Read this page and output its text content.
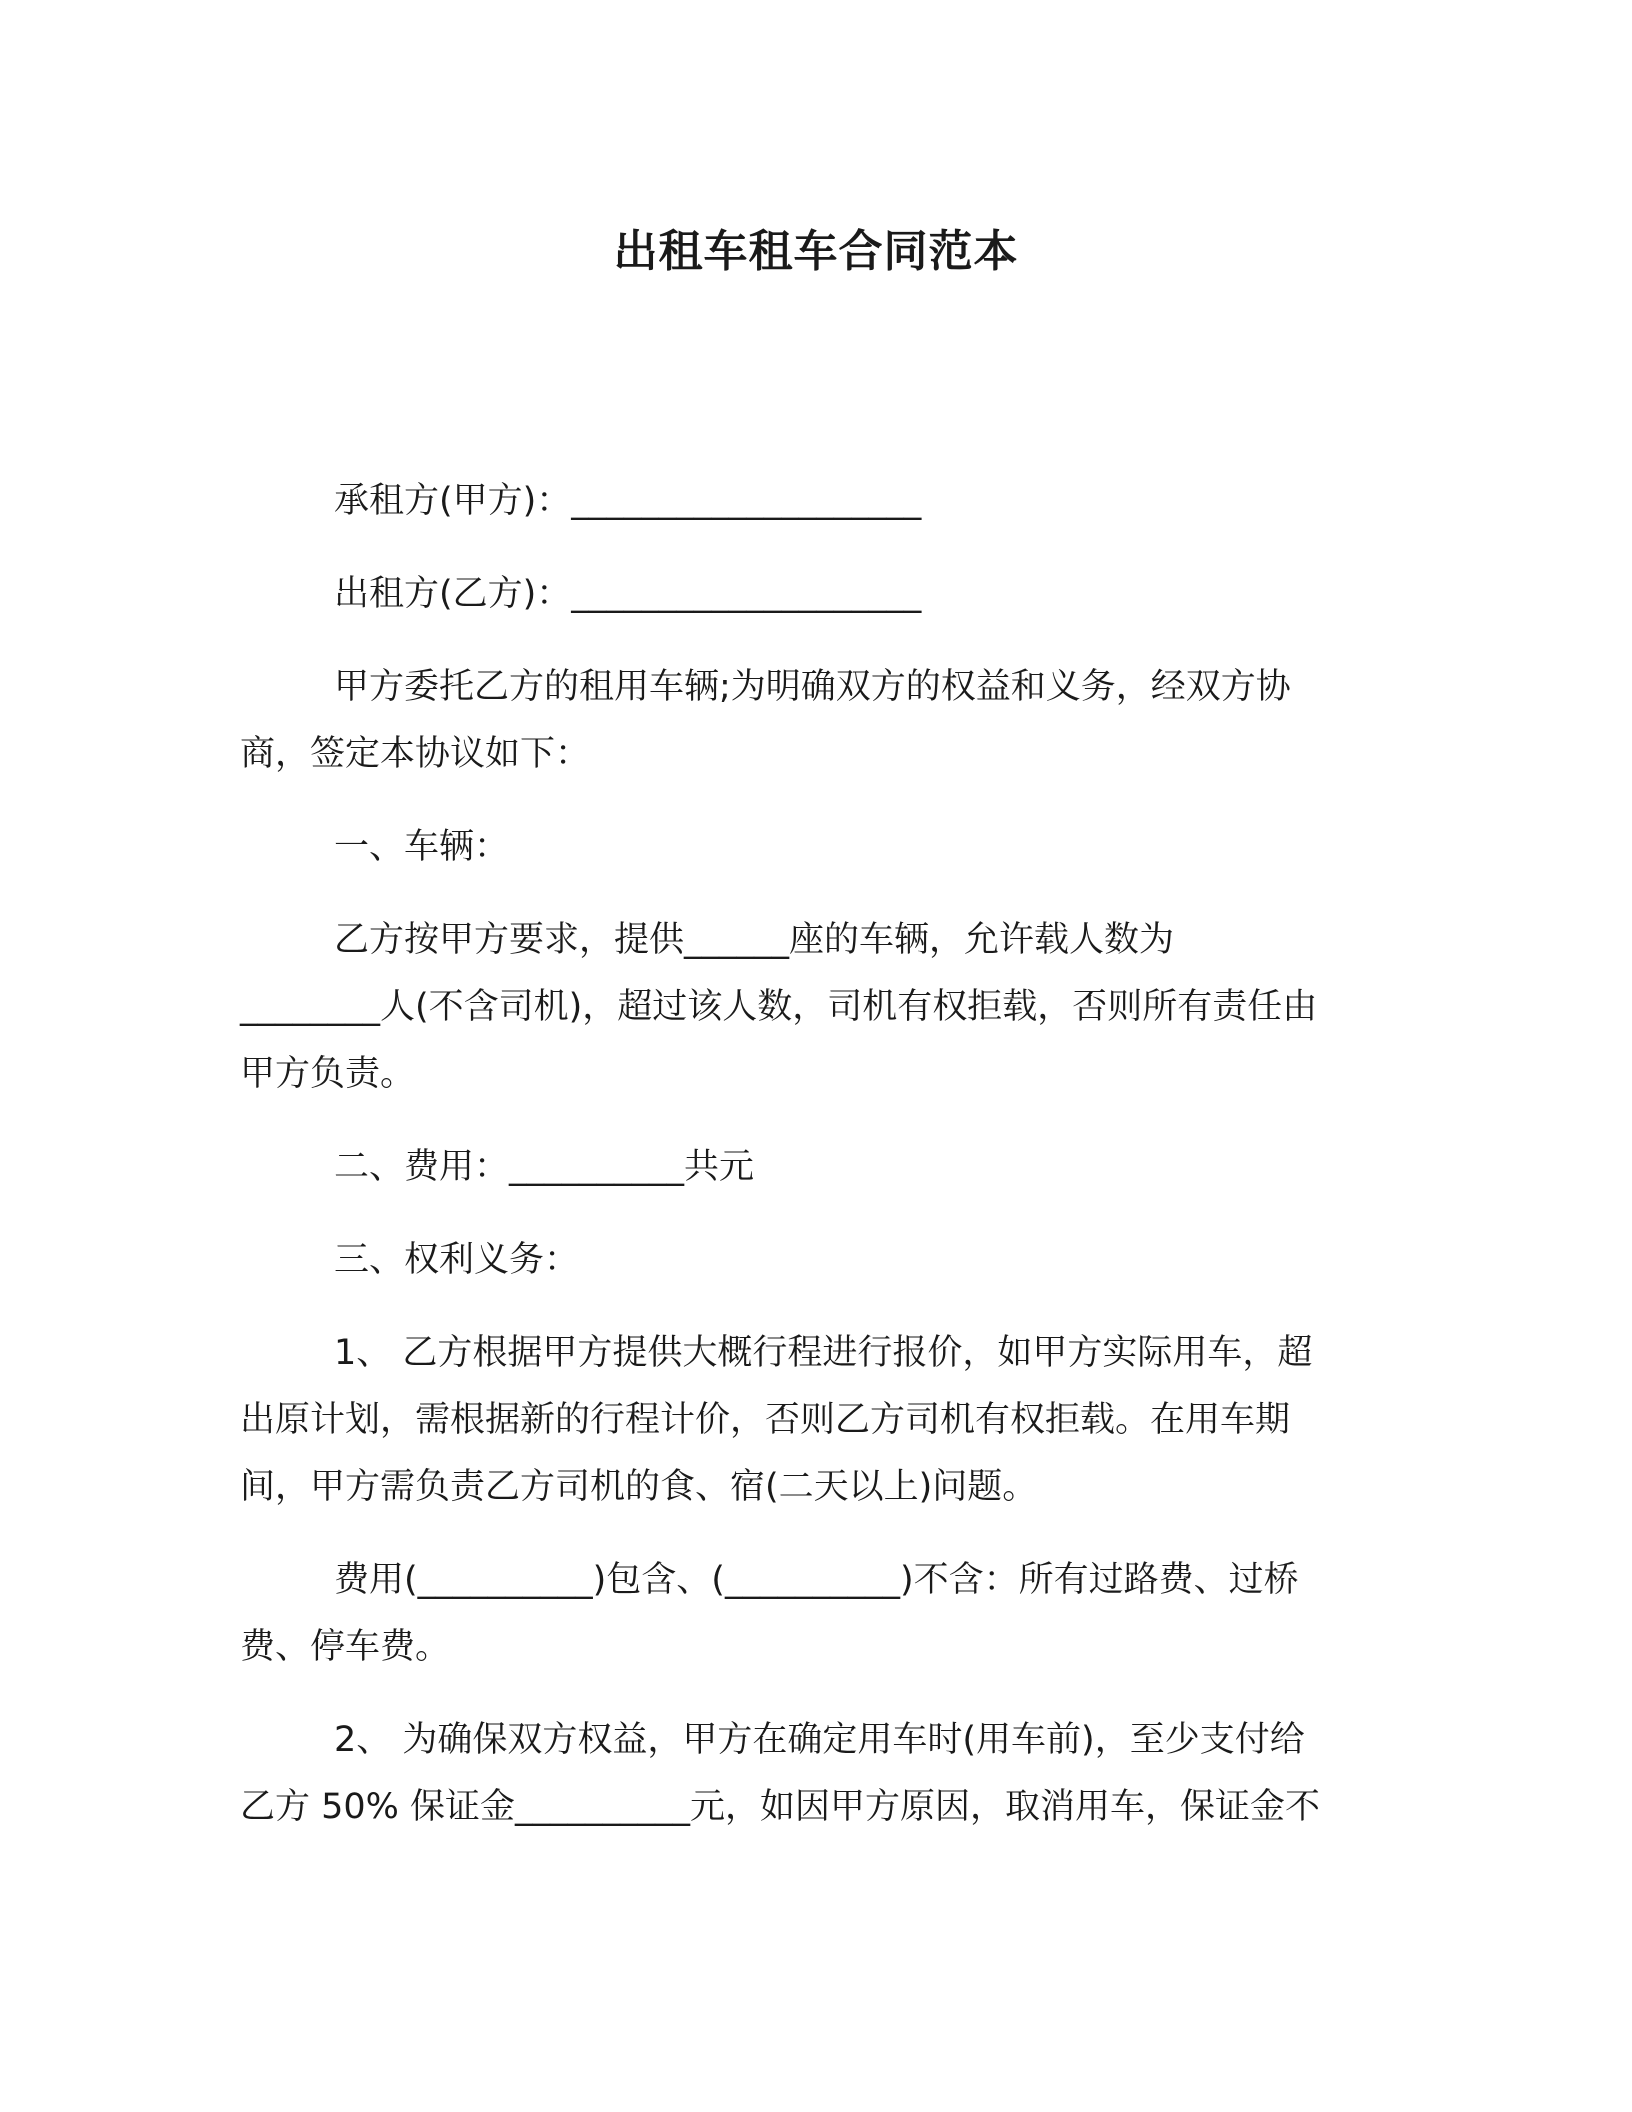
出租车租车合同范本

承租方(甲方)：____________________

出租方(乙方)：____________________

甲方委托乙方的租用车辆;为明确双方的权益和义务，经双方协
商，签定本协议如下：

一、车辆：

乙方按甲方要求，提供______座的车辆，允许载人数为
________人(不含司机)，超过该人数，司机有权拒载，否则所有责任由
甲方负责。

二、费用：__________共元

三、权利义务：

1、 乙方根据甲方提供大概行程进行报价，如甲方实际用车，超
出原计划，需根据新的行程计价，否则乙方司机有权拒载。在用车期
间，甲方需负责乙方司机的食、宿(二天以上)问题。

费用(__________)包含、(__________)不含：所有过路费、过桥
费、停车费。

2、 为确保双方权益，甲方在确定用车时(用车前)，至少支付给
乙方 50% 保证金__________元，如因甲方原因，取消用车，保证金不
